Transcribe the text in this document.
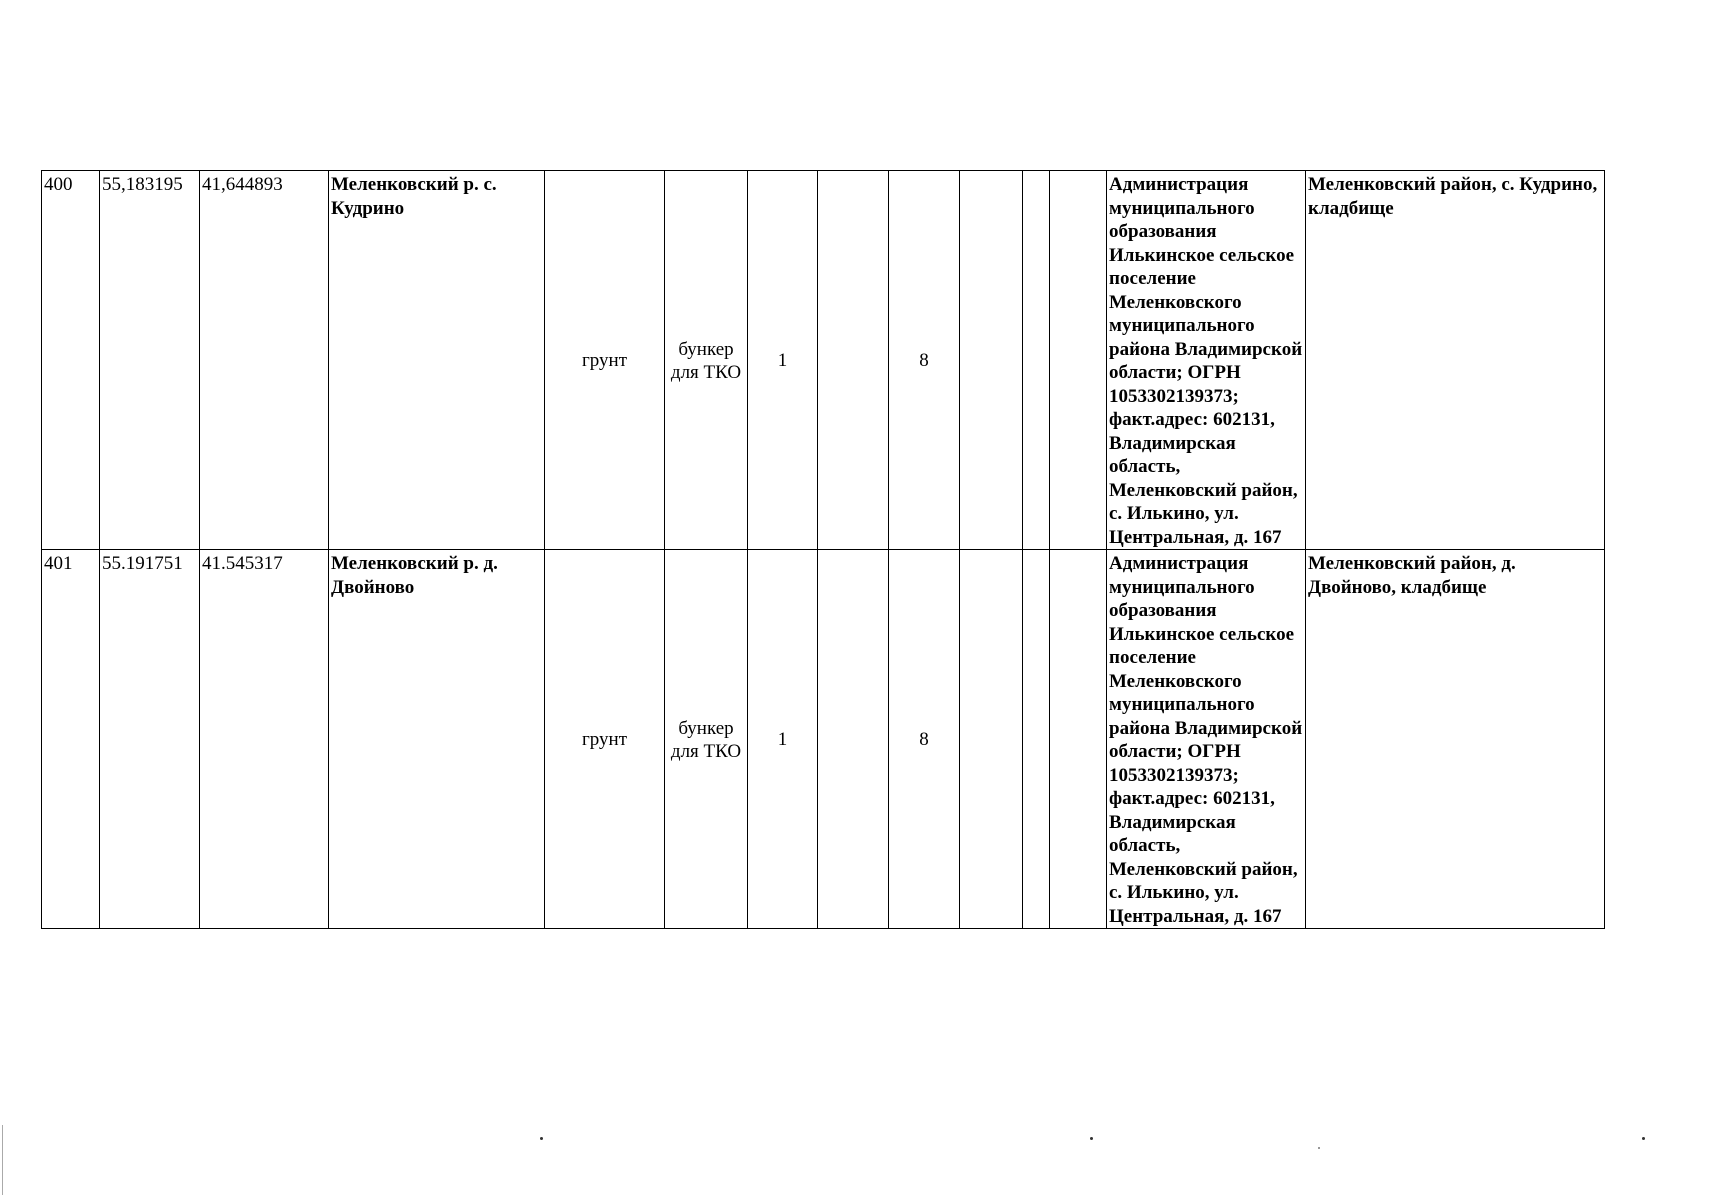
400	55,183195	41,644893	Меленковский р. с. Кудрино	грунт	бункер для ТКО	1		8				Администрация муниципального образования Илькинское сельское поселение Меленковского муниципального района Владимирской области; ОГРН 1053302139373; факт.адрес: 602131, Владимирская область, Меленковский район, с. Илькино, ул. Центральная, д. 167	Меленковский район, с. Кудрино, кладбище
401	55.191751	41.545317	Меленковский р. д. Двойново	грунт	бункер для ТКО	1		8				Администрация муниципального образования Илькинское сельское поселение Меленковского муниципального района Владимирской области; ОГРН 1053302139373; факт.адрес: 602131, Владимирская область, Меленковский район, с. Илькино, ул. Центральная, д. 167	Меленковский район, д. Двойново, кладбище
